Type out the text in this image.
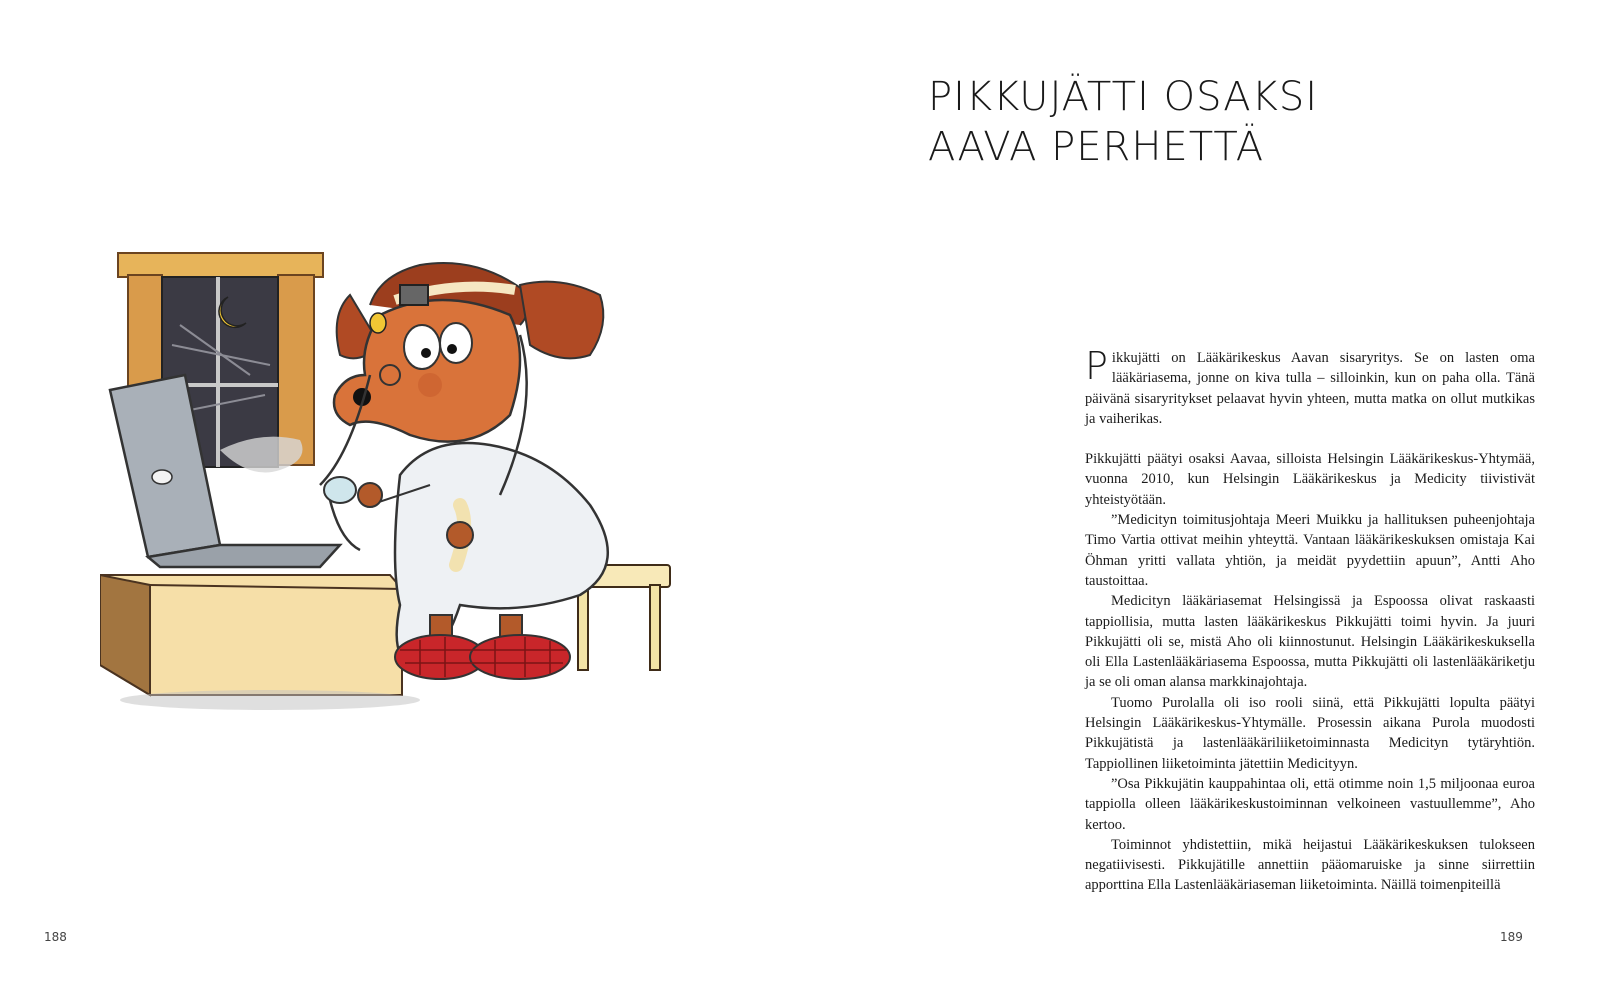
188
PIKKUJÄTTI OSAKSI
AAVA PERHETTÄ

Pikkujätti on Lääkärikeskus Aavan sisaryritys. Se on lasten oma lääkäriasema, jonne on kiva tulla – silloinkin, kun on paha olla. Tänä päivänä sisaryritykset pelaavat hyvin yhteen, mutta matka on ollut mutkikas ja vaiherikas.

Pikkujätti päätyi osaksi Aavaa, silloista Helsingin Lääkärikeskus-Yhtymää, vuonna 2010, kun Helsingin Lääkärikeskus ja Medicity tiivistivät yhteistyötään.

”Medicityn toimitusjohtaja Meeri Muikku ja hallituksen puheenjohtaja Timo Vartia ottivat meihin yhteyttä. Vantaan lääkärikeskuksen omistaja Kai Öhman yritti vallata yhtiön, ja meidät pyydettiin apuun”, Antti Aho taustoittaa.

Medicityn lääkäriasemat Helsingissä ja Espoossa olivat raskaasti tappiollisia, mutta lasten lääkärikeskus Pikkujätti toimi hyvin. Ja juuri Pikkujätti oli se, mistä Aho oli kiinnostunut. Helsingin Lääkärikeskuksella oli Ella Lastenlääkäriasema Espoossa, mutta Pikkujätti oli lastenlääkäriketju ja se oli oman alansa markkinajohtaja.

Tuomo Purolalla oli iso rooli siinä, että Pikkujätti lopulta päätyi Helsingin Lääkärikeskus-Yhtymälle. Prosessin aikana Purola muodosti Pikkujätistä ja lastenlääkäriliiketoiminnasta Medicityn tytäryhtiön. Tappiollinen liiketoiminta jätettiin Medicityyn.

”Osa Pikkujätin kauppahintaa oli, että otimme noin 1,5 miljoonaa euroa tappiolla olleen lääkärikeskustoiminnan velkoineen vastuullemme”, Aho kertoo.

Toiminnot yhdistettiin, mikä heijastui Lääkärikeskuksen tulokseen negatiivisesti. Pikkujätille annettiin pääomaruiske ja sinne siirrettiin apporttina Ella Lastenlääkäriaseman liiketoiminta. Näillä toimenpiteillä

189
